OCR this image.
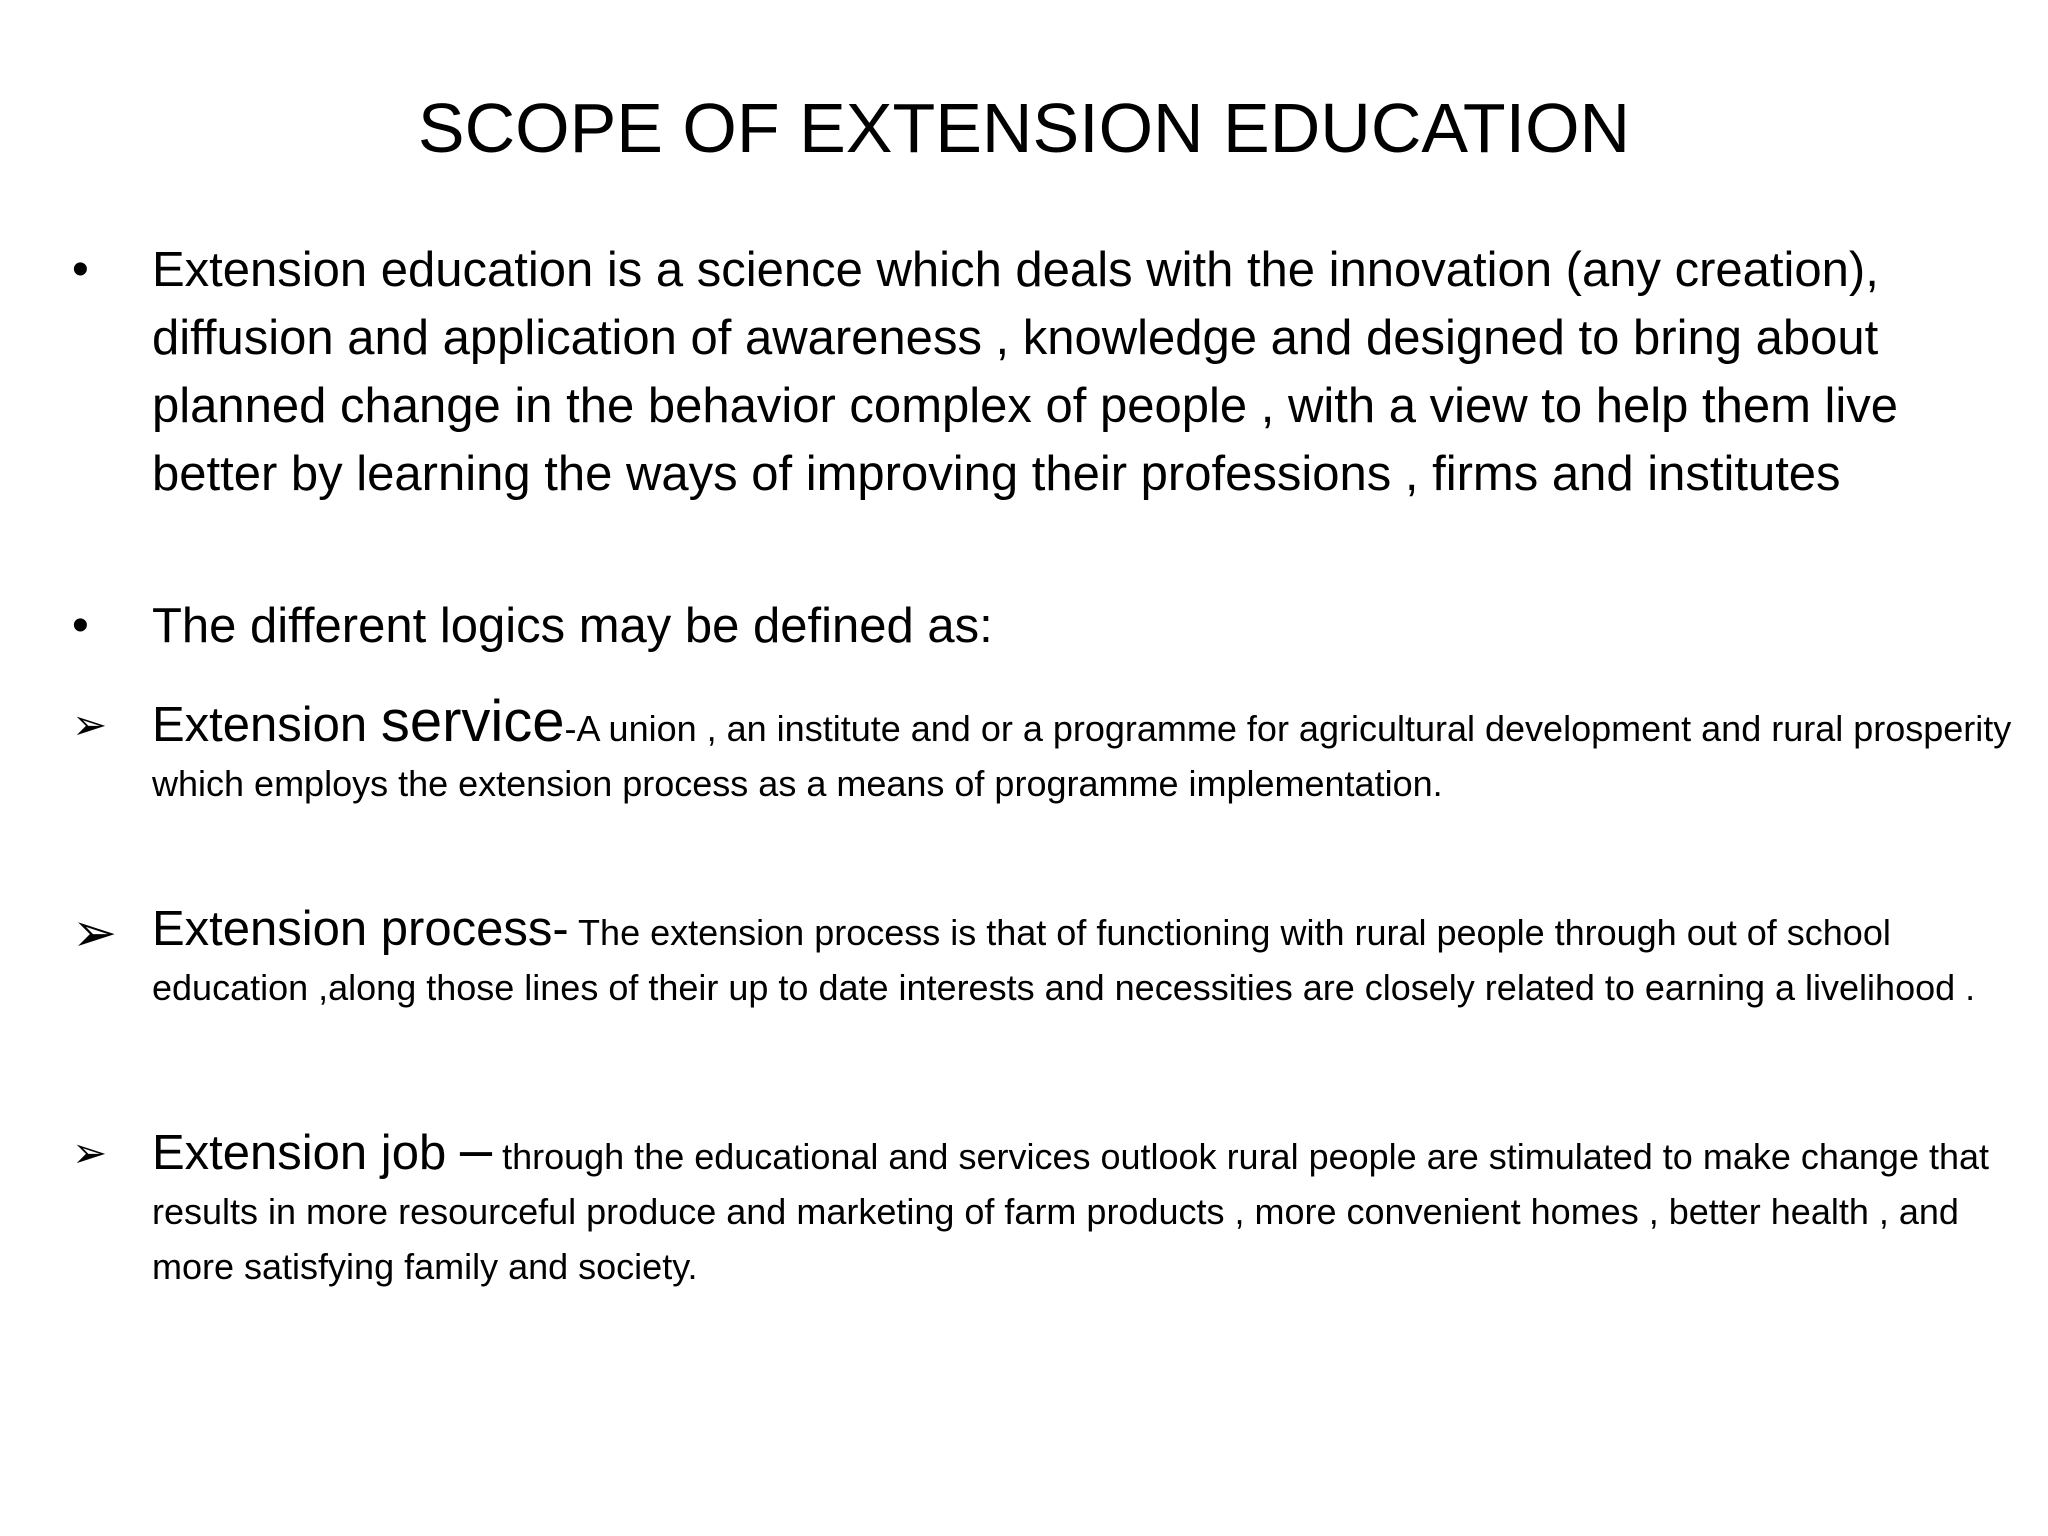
SCOPE OF EXTENSION EDUCATION
• Extension education is a science which deals with the innovation (any creation), diffusion and application of awareness , knowledge and designed to bring about planned change in the behavior complex of people , with a view to help them live better by learning the ways of improving their professions , firms and institutes

• The different logics may be defined as:

➢ Extension service-A union , an institute and or a programme for agricultural development and rural prosperity which employs the extension process as a means of programme implementation.

➢ Extension process- The extension process is that of functioning with rural people through out of school education ,along those lines of their up to date interests and necessities are closely related to earning a livelihood .

➢ Extension job – through the educational and services outlook rural people are stimulated to make change that results in more resourceful produce and marketing of farm products , more convenient homes , better health , and more satisfying family and society.
